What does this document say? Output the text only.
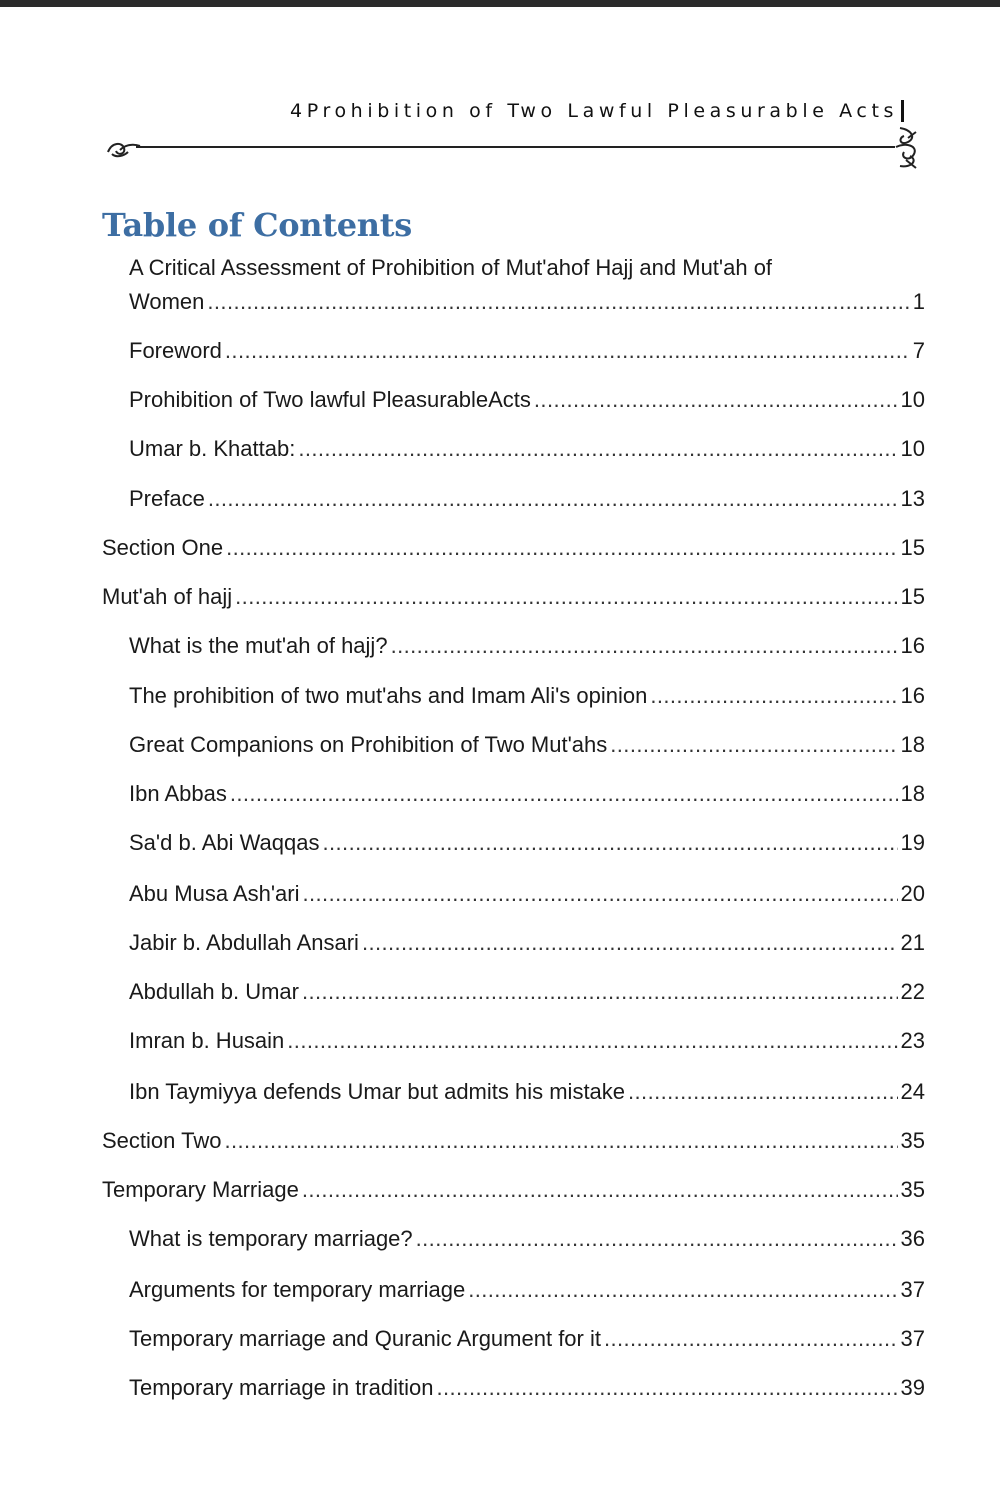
4Prohibition of Two Lawful Pleasurable Acts
Table of Contents
A Critical Assessment of Prohibition of Mut'ahof Hajj and Mut'ah of
Women .....	1
Foreword .....	7
Prohibition of Two lawful PleasurableActs .....	10
Umar b. Khattab: .....	10
Preface .....	13
Section One .....	15
Mut'ah of hajj .....	15
What is the mut'ah of hajj? .....	16
The prohibition of two mut'ahs and Imam Ali's opinion .....	16
Great Companions on Prohibition of Two Mut'ahs .....	18
Ibn Abbas .....	18
Sa'd b. Abi Waqqas .....	19
Abu Musa Ash'ari .....	20
Jabir b. Abdullah Ansari .....	21
Abdullah b. Umar .....	22
Imran b. Husain .....	23
Ibn Taymiyya defends Umar but admits his mistake .....	24
Section Two .....	35
Temporary Marriage .....	35
What is temporary marriage? .....	36
Arguments for temporary marriage .....	37
Temporary marriage and Quranic Argument for it .....	37
Temporary marriage in tradition .....	39
